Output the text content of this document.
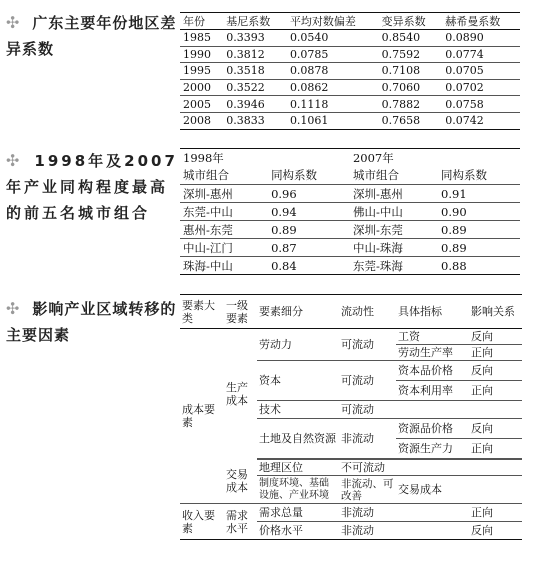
✣ 广东主要年份地区差异系数
年份	基尼系数	平均对数偏差	变异系数	赫希曼系数
1985	0.3393	0.0540	0.8540	0.0890
1990	0.3812	0.0785	0.7592	0.0774
1995	0.3518	0.0878	0.7108	0.0705
2000	0.3522	0.0862	0.7060	0.0702
2005	0.3946	0.1118	0.7882	0.0758
2008	0.3833	0.1061	0.7658	0.0742
✣ 1998年及2007年产业同构程度最高的前五名城市组合
1998年		2007年	
城市组合	同构系数	城市组合	同构系数
深圳-惠州	0.96	深圳-惠州	0.91
东莞-中山	0.94	佛山-中山	0.90
惠州-东莞	0.89	深圳-东莞	0.89
中山-江门	0.87	中山-珠海	0.89
珠海-中山	0.84	东莞-珠海	0.88
✣ 影响产业区域转移的主要因素
要素大类	一级要素	要素细分	流动性	具体指标	影响关系
成本要素	生产成本	劳动力	可流动	工资	反向
				劳动生产率	正向
		资本	可流动	资本品价格	反向
				资本利用率	正向
		技术	可流动		
		土地及自然资源	非流动	资源品价格	反向
				资源生产力	正向

	交易成本	地理区位	不可流动		
		制度环境、基础设施、产业环境	非流动、可改善	交易成本	

收入要素	需求水平	需求总量	非流动		正向
		价格水平	非流动		反向
